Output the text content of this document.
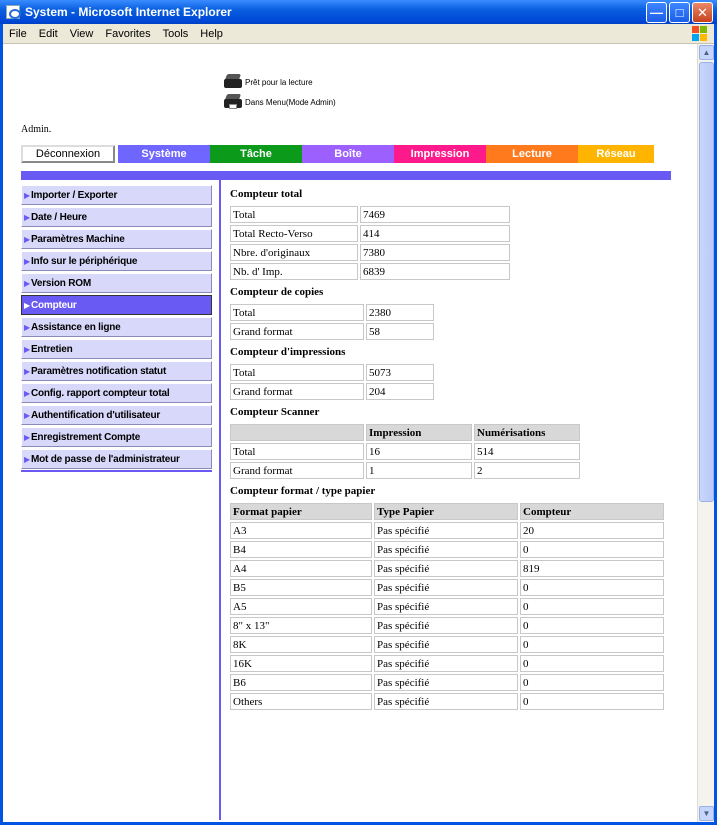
System - Microsoft Internet Explorer	— □	✕
File Edit View Favorites Tools Help
Prêt pour la lecture
Dans Menu(Mode Admin)
Admin.
Déconnexion	Système	Tâche	Boîte	Impression	Lecture	Réseau
▶ Importer / Exporter
▶ Date / Heure
▶ Paramètres Machine
▶ Info sur le périphérique
▶ Version ROM
▶ Compteur
▶ Assistance en ligne
▶ Entretien
▶ Paramètres notification statut
▶ Config. rapport compteur total
▶ Authentification d'utilisateur
▶ Enregistrement Compte
▶ Mot de passe de l'administrateur
Compteur total
Total	7469
Total Recto-Verso	414
Nbre. d'originaux	7380
Nb. d' Imp.	6839
Compteur de copies
Total	2380
Grand format	58
Compteur d'impressions
Total	5073
Grand format	204
Compteur Scanner
	Impression	Numérisations
Total	16	514
Grand format	1	2
Compteur format / type papier
Format papier	Type Papier	Compteur
A3	Pas spécifié	20
B4	Pas spécifié	0
A4	Pas spécifié	819
B5	Pas spécifié	0
A5	Pas spécifié	0
8" x 13"	Pas spécifié	0
8K	Pas spécifié	0
16K	Pas spécifié	0
B6	Pas spécifié	0
Others	Pas spécifié	0
▲
▼
